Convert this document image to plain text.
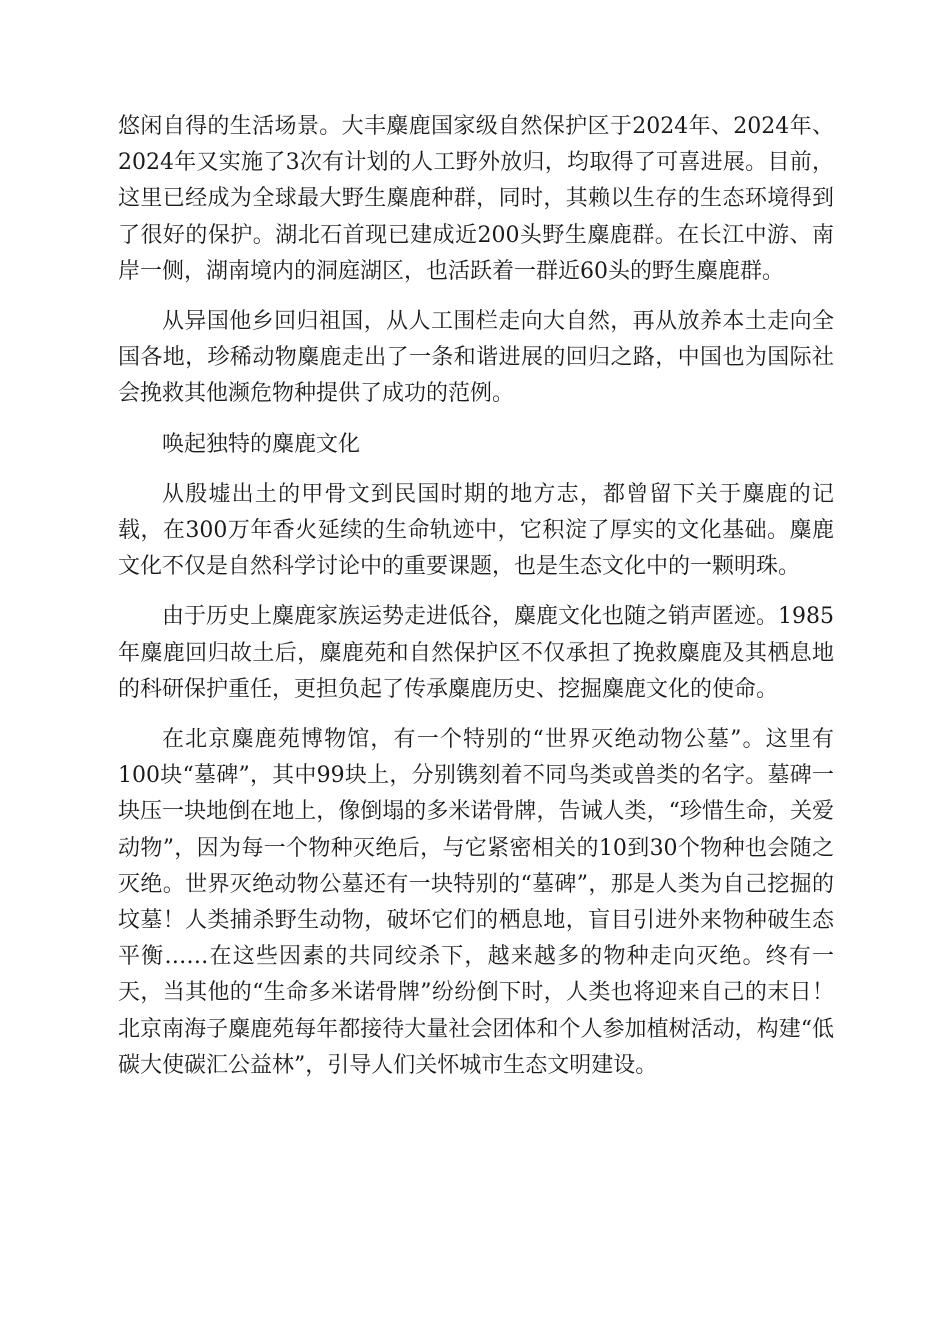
悠闲自得的生活场景。大丰麋鹿国家级自然保护区于2024年、2024年、2024年又实施了3次有计划的人工野外放归，均取得了可喜进展。目前，这里已经成为全球最大野生麋鹿种群，同时，其赖以生存的生态环境得到了很好的保护。湖北石首现已建成近200头野生麋鹿群。在长江中游、南岸一侧，湖南境内的洞庭湖区，也活跃着一群近60头的野生麋鹿群。

从异国他乡回归祖国，从人工围栏走向大自然，再从放养本土走向全国各地，珍稀动物麋鹿走出了一条和谐进展的回归之路，中国也为国际社会挽救其他濒危物种提供了成功的范例。

唤起独特的麋鹿文化

从殷墟出土的甲骨文到民国时期的地方志，都曾留下关于麋鹿的记载，在300万年香火延续的生命轨迹中，它积淀了厚实的文化基础。麋鹿文化不仅是自然科学讨论中的重要课题，也是生态文化中的一颗明珠。

由于历史上麋鹿家族运势走进低谷，麋鹿文化也随之销声匿迹。1985年麋鹿回归故土后，麋鹿苑和自然保护区不仅承担了挽救麋鹿及其栖息地的科研保护重任，更担负起了传承麋鹿历史、挖掘麋鹿文化的使命。

在北京麋鹿苑博物馆，有一个特别的“世界灭绝动物公墓”。这里有100块“墓碑”，其中99块上，分别镌刻着不同鸟类或兽类的名字。墓碑一块压一块地倒在地上，像倒塌的多米诺骨牌，告诫人类，“珍惜生命，关爱动物”，因为每一个物种灭绝后，与它紧密相关的10到30个物种也会随之灭绝。世界灭绝动物公墓还有一块特别的“墓碑”，那是人类为自己挖掘的坟墓！人类捕杀野生动物，破坏它们的栖息地，盲目引进外来物种破生态平衡……在这些因素的共同绞杀下，越来越多的物种走向灭绝。终有一天，当其他的“生命多米诺骨牌”纷纷倒下时，人类也将迎来自己的末日！北京南海子麋鹿苑每年都接待大量社会团体和个人参加植树活动，构建“低碳大使碳汇公益林”，引导人们关怀城市生态文明建设。
